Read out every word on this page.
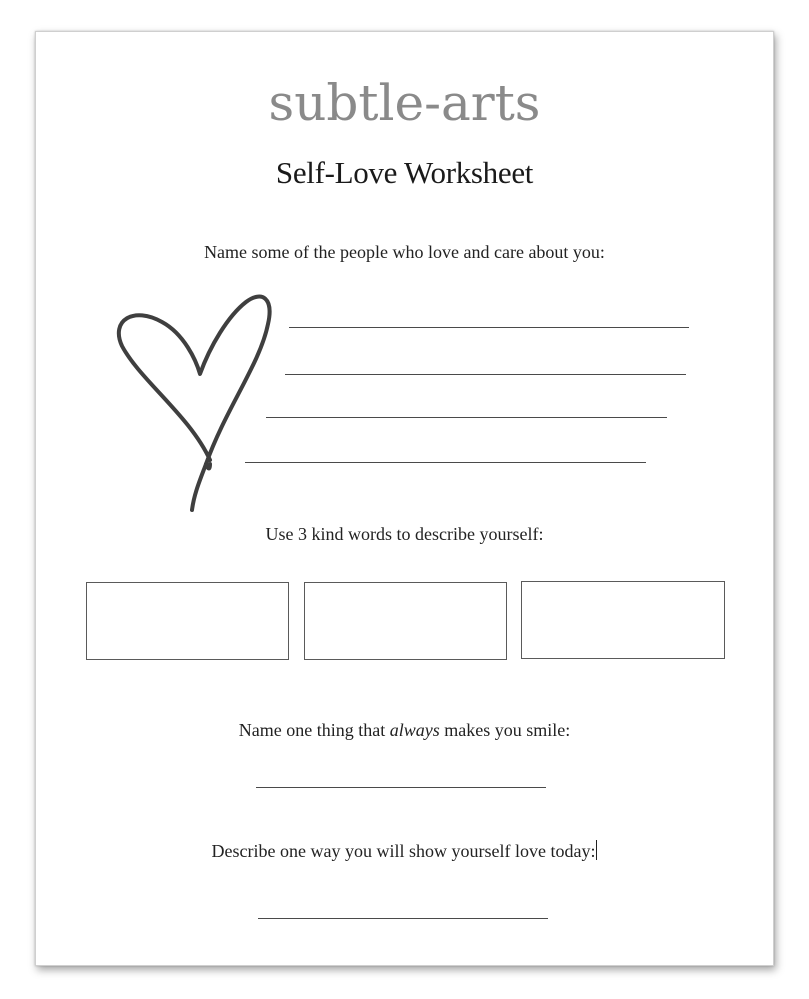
subtle-arts
Self-Love Worksheet
Name some of the people who love and care about you:
Use 3 kind words to describe yourself:
Name one thing that always makes you smile:
Describe one way you will show yourself love today:
